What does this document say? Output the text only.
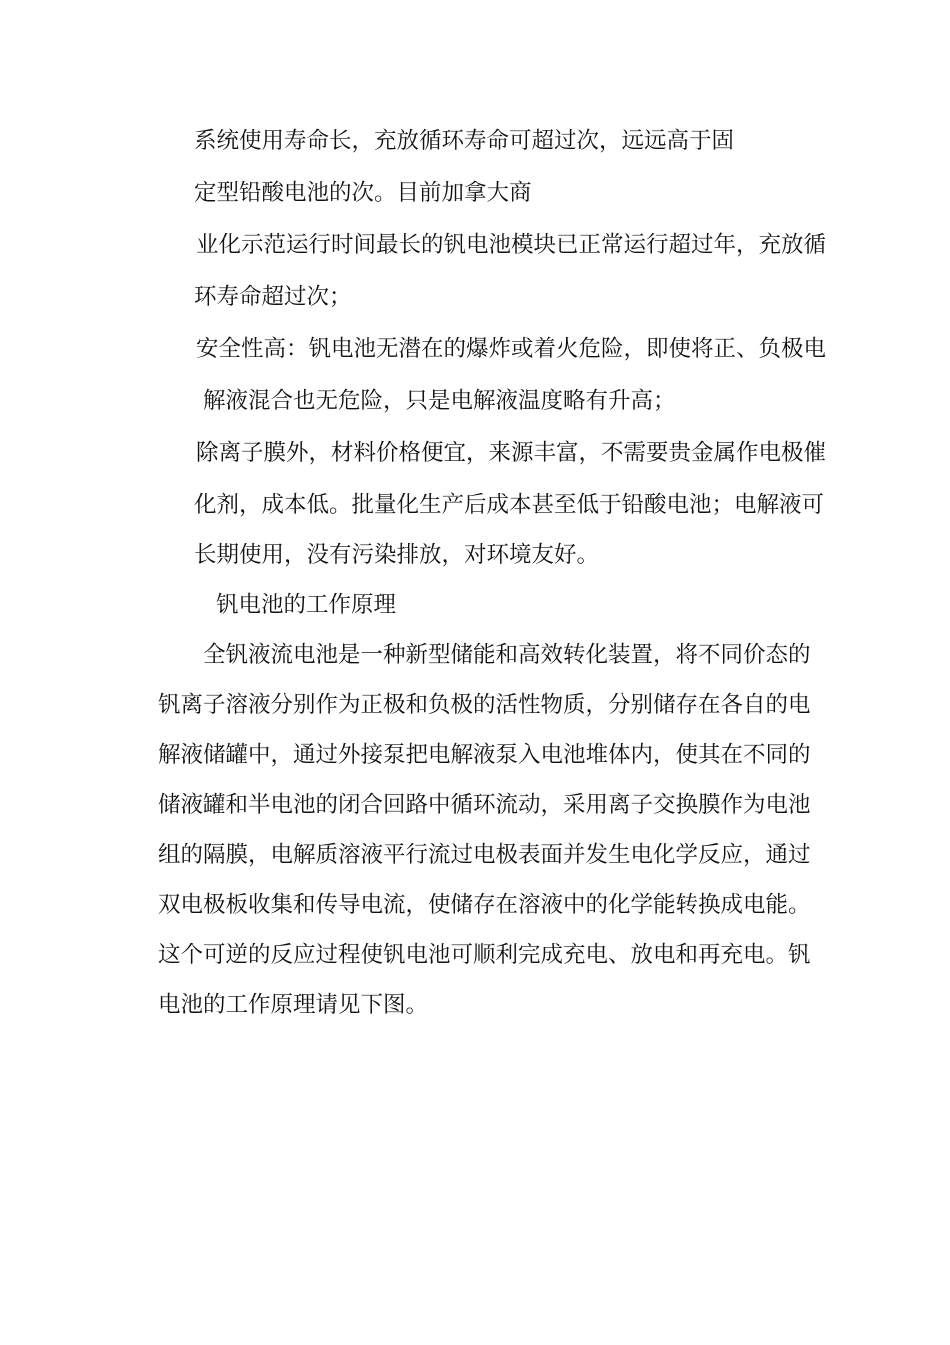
系统使用寿命长，充放循环寿命可超过次，远远高于固
定型铅酸电池的次。目前加拿大商
业化示范运行时间最长的钒电池模块已正常运行超过年，充放循
环寿命超过次；
安全性高：钒电池无潜在的爆炸或着火危险，即使将正、负极电
解液混合也无危险，只是电解液温度略有升高；
除离子膜外，材料价格便宜，来源丰富，不需要贵金属作电极催
化剂，成本低。批量化生产后成本甚至低于铅酸电池；电解液可
长期使用，没有污染排放，对环境友好。
钒电池的工作原理
全钒液流电池是一种新型储能和高效转化装置，将不同价态的
钒离子溶液分别作为正极和负极的活性物质，分别储存在各自的电
解液储罐中，通过外接泵把电解液泵入电池堆体内，使其在不同的
储液罐和半电池的闭合回路中循环流动，采用离子交换膜作为电池
组的隔膜，电解质溶液平行流过电极表面并发生电化学反应，通过
双电极板收集和传导电流，使储存在溶液中的化学能转换成电能。
这个可逆的反应过程使钒电池可顺利完成充电、放电和再充电。钒
电池的工作原理请见下图。
